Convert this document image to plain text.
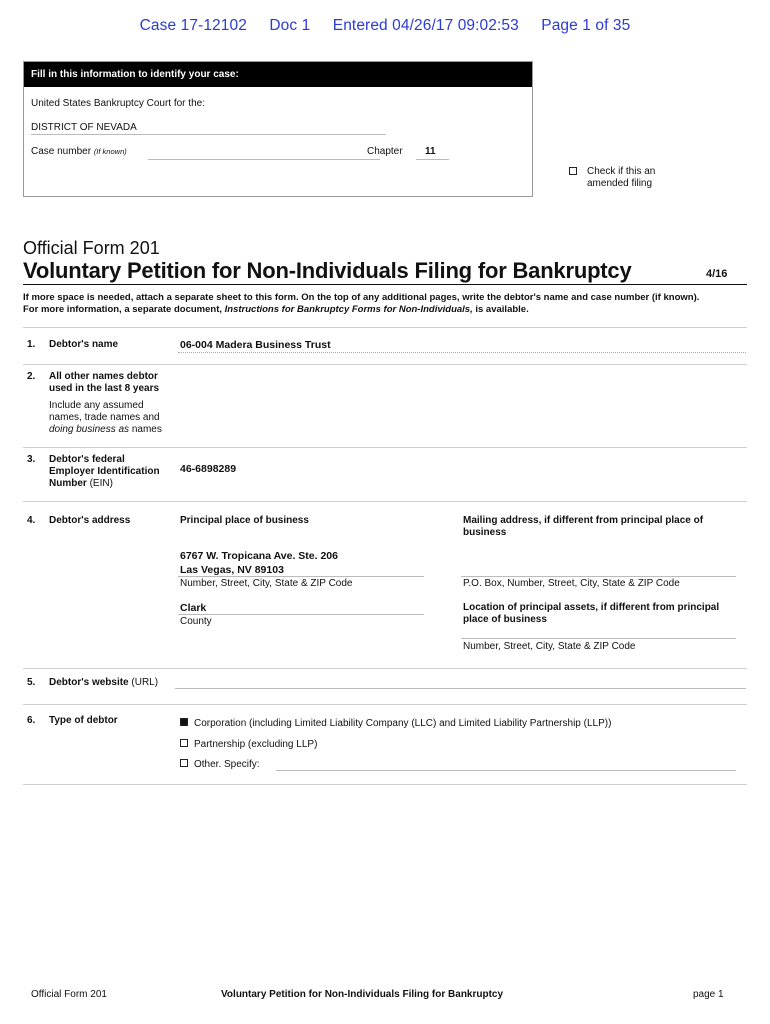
Case 17-12102 Doc 1 Entered 04/26/17 09:02:53 Page 1 of 35
Fill in this information to identify your case:
United States Bankruptcy Court for the:
DISTRICT OF NEVADA
Case number (If known)	Chapter 11
Check if this an amended filing
Official Form 201
Voluntary Petition for Non-Individuals Filing for Bankruptcy	4/16
If more space is needed, attach a separate sheet to this form. On the top of any additional pages, write the debtor's name and case number (if known).
For more information, a separate document, Instructions for Bankruptcy Forms for Non-Individuals, is available.
1. Debtor's name	06-004 Madera Business Trust
2. All other names debtor used in the last 8 years
Include any assumed names, trade names and doing business as names
3. Debtor's federal Employer Identification Number (EIN)
46-6898289
4. Debtor's address	Principal place of business
6767 W. Tropicana Ave. Ste. 206
Las Vegas, NV 89103
Number, Street, City, State & ZIP Code
Clark
County
Mailing address, if different from principal place of business
P.O. Box, Number, Street, City, State & ZIP Code
Location of principal assets, if different from principal place of business
Number, Street, City, State & ZIP Code
5. Debtor's website (URL)
6. Type of debtor	Corporation (including Limited Liability Company (LLC) and Limited Liability Partnership (LLP))
Partnership (excluding LLP)
Other. Specify:
Official Form 201	Voluntary Petition for Non-Individuals Filing for Bankruptcy	page 1
